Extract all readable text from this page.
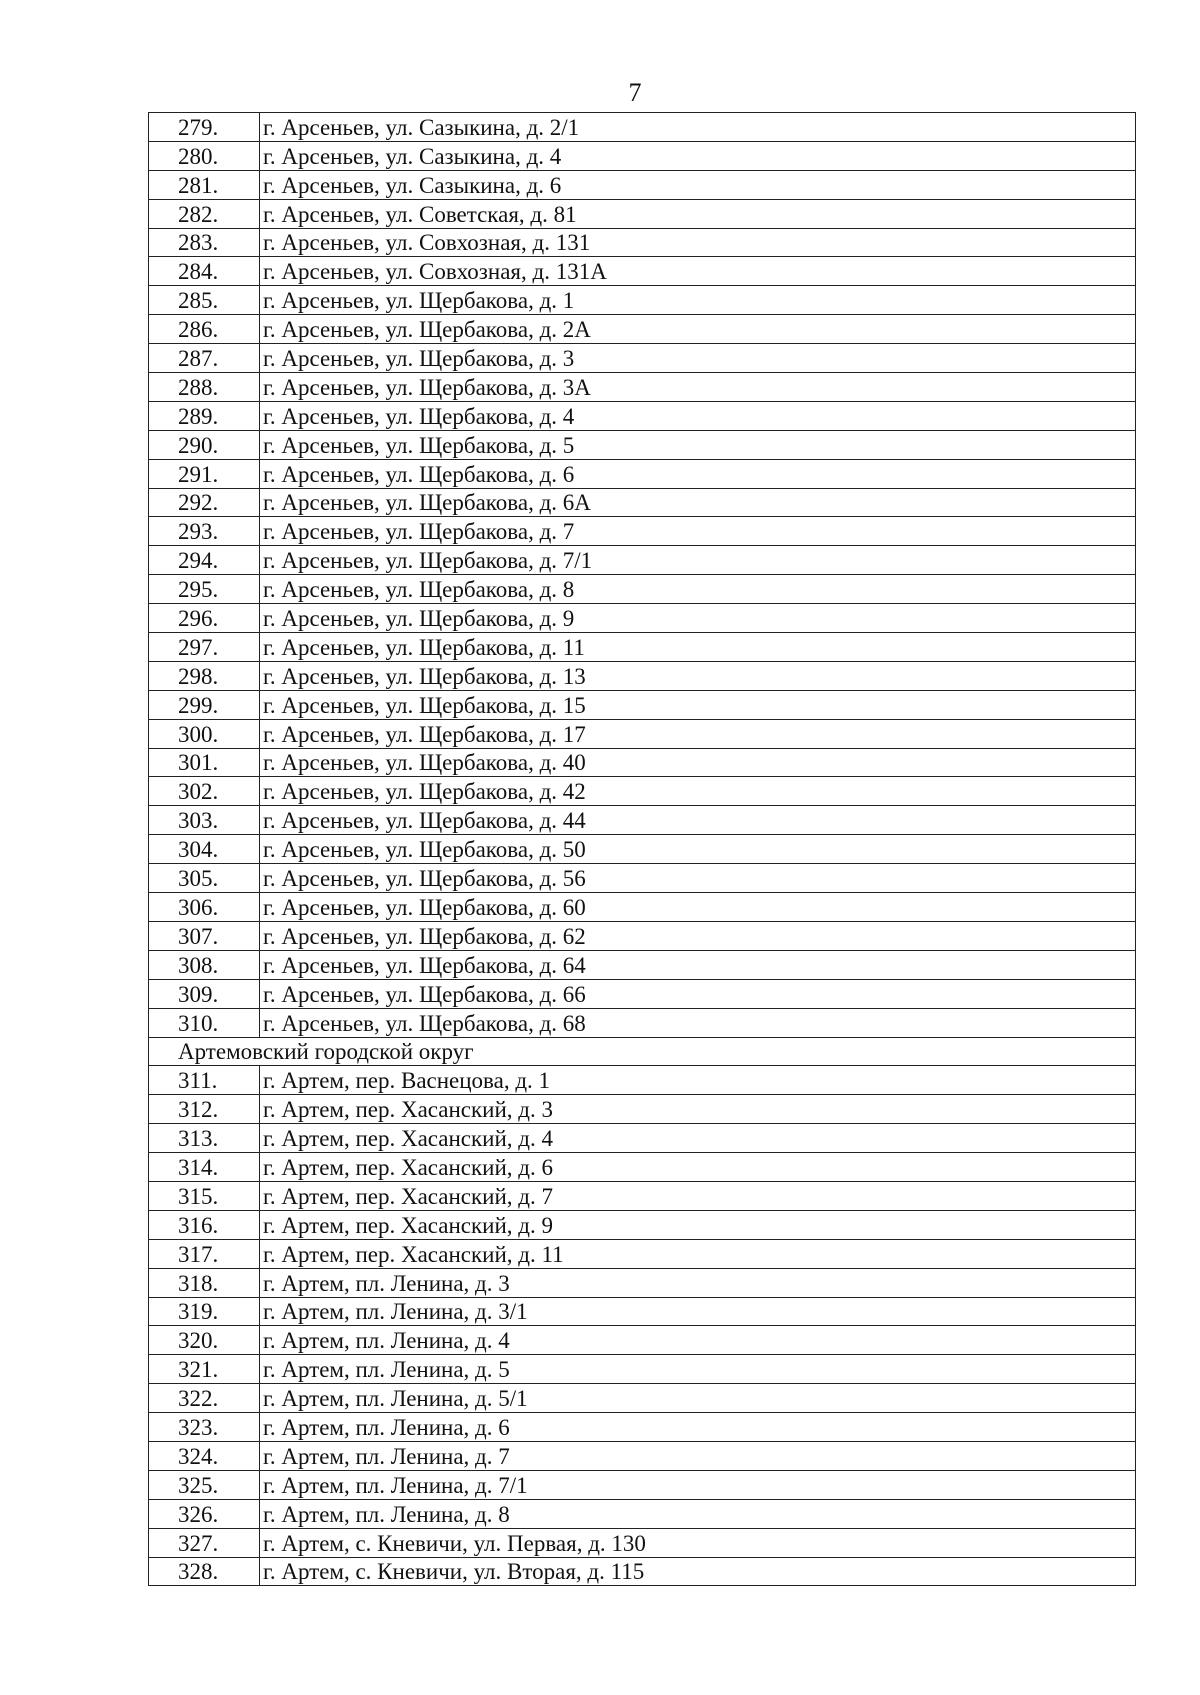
7
279.	г. Арсеньев, ул. Сазыкина, д. 2/1
280.	г. Арсеньев, ул. Сазыкина, д. 4
281.	г. Арсеньев, ул. Сазыкина, д. 6
282.	г. Арсеньев, ул. Советская, д. 81
283.	г. Арсеньев, ул. Совхозная, д. 131
284.	г. Арсеньев, ул. Совхозная, д. 131А
285.	г. Арсеньев, ул. Щербакова, д. 1
286.	г. Арсеньев, ул. Щербакова, д. 2А
287.	г. Арсеньев, ул. Щербакова, д. 3
288.	г. Арсеньев, ул. Щербакова, д. 3А
289.	г. Арсеньев, ул. Щербакова, д. 4
290.	г. Арсеньев, ул. Щербакова, д. 5
291.	г. Арсеньев, ул. Щербакова, д. 6
292.	г. Арсеньев, ул. Щербакова, д. 6А
293.	г. Арсеньев, ул. Щербакова, д. 7
294.	г. Арсеньев, ул. Щербакова, д. 7/1
295.	г. Арсеньев, ул. Щербакова, д. 8
296.	г. Арсеньев, ул. Щербакова, д. 9
297.	г. Арсеньев, ул. Щербакова, д. 11
298.	г. Арсеньев, ул. Щербакова, д. 13
299.	г. Арсеньев, ул. Щербакова, д. 15
300.	г. Арсеньев, ул. Щербакова, д. 17
301.	г. Арсеньев, ул. Щербакова, д. 40
302.	г. Арсеньев, ул. Щербакова, д. 42
303.	г. Арсеньев, ул. Щербакова, д. 44
304.	г. Арсеньев, ул. Щербакова, д. 50
305.	г. Арсеньев, ул. Щербакова, д. 56
306.	г. Арсеньев, ул. Щербакова, д. 60
307.	г. Арсеньев, ул. Щербакова, д. 62
308.	г. Арсеньев, ул. Щербакова, д. 64
309.	г. Арсеньев, ул. Щербакова, д. 66
310.	г. Арсеньев, ул. Щербакова, д. 68
Артемовский городской округ	
311.	г. Артем, пер. Васнецова, д. 1
312.	г. Артем, пер. Хасанский, д. 3
313.	г. Артем, пер. Хасанский, д. 4
314.	г. Артем, пер. Хасанский, д. 6
315.	г. Артем, пер. Хасанский, д. 7
316.	г. Артем, пер. Хасанский, д. 9
317.	г. Артем, пер. Хасанский, д. 11
318.	г. Артем, пл. Ленина, д. 3
319.	г. Артем, пл. Ленина, д. 3/1
320.	г. Артем, пл. Ленина, д. 4
321.	г. Артем, пл. Ленина, д. 5
322.	г. Артем, пл. Ленина, д. 5/1
323.	г. Артем, пл. Ленина, д. 6
324.	г. Артем, пл. Ленина, д. 7
325.	г. Артем, пл. Ленина, д. 7/1
326.	г. Артем, пл. Ленина, д. 8
327.	г. Артем, с. Кневичи, ул. Первая, д. 130
328.	г. Артем, с. Кневичи, ул. Вторая, д. 115
